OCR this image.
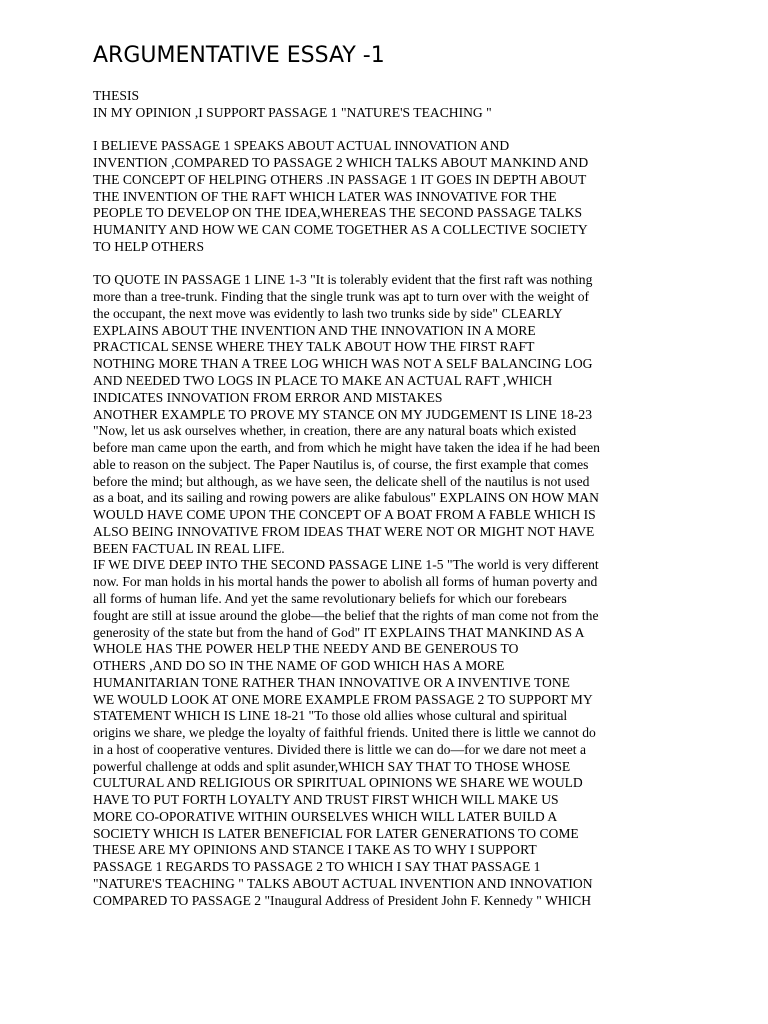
ARGUMENTATIVE ESSAY -1
THESIS
IN MY OPINION ,I SUPPORT PASSAGE 1 "NATURE'S TEACHING "
I BELIEVE PASSAGE 1 SPEAKS ABOUT ACTUAL INNOVATION AND
INVENTION ,COMPARED TO PASSAGE 2 WHICH TALKS ABOUT MANKIND AND
THE CONCEPT OF HELPING OTHERS .IN PASSAGE 1 IT GOES IN DEPTH ABOUT
THE INVENTION OF THE RAFT WHICH LATER WAS INNOVATIVE FOR THE
PEOPLE TO DEVELOP ON THE IDEA,WHEREAS THE SECOND PASSAGE TALKS
HUMANITY AND HOW WE CAN COME TOGETHER AS A COLLECTIVE SOCIETY
TO HELP OTHERS
TO QUOTE IN PASSAGE 1 LINE 1-3 "It is tolerably evident that the first raft was nothing
more than a tree-trunk. Finding that the single trunk was apt to turn over with the weight of
the occupant, the next move was evidently to lash two trunks side by side" CLEARLY
EXPLAINS ABOUT THE INVENTION AND THE INNOVATION IN A MORE
PRACTICAL SENSE WHERE THEY TALK ABOUT HOW THE FIRST RAFT
NOTHING MORE THAN A TREE LOG WHICH WAS NOT A SELF BALANCING LOG
AND NEEDED TWO LOGS IN PLACE TO MAKE AN ACTUAL RAFT ,WHICH
INDICATES INNOVATION FROM ERROR AND MISTAKES
ANOTHER EXAMPLE TO PROVE MY STANCE ON MY JUDGEMENT IS LINE 18-23
"Now, let us ask ourselves whether, in creation, there are any natural boats which existed
before man came upon the earth, and from which he might have taken the idea if he had been
able to reason on the subject. The Paper Nautilus is, of course, the first example that comes
before the mind; but although, as we have seen, the delicate shell of the nautilus is not used
as a boat, and its sailing and rowing powers are alike fabulous" EXPLAINS ON HOW MAN
WOULD HAVE COME UPON THE CONCEPT OF A BOAT FROM A FABLE WHICH IS
ALSO BEING INNOVATIVE FROM IDEAS THAT WERE NOT OR MIGHT NOT HAVE
BEEN FACTUAL IN REAL LIFE.
IF WE DIVE DEEP INTO THE SECOND PASSAGE LINE 1-5 "The world is very different
now. For man holds in his mortal hands the power to abolish all forms of human poverty and
all forms of human life. And yet the same revolutionary beliefs for which our forebears
fought are still at issue around the globe—the belief that the rights of man come not from the
generosity of the state but from the hand of God" IT EXPLAINS THAT MANKIND AS A
WHOLE HAS THE POWER HELP THE NEEDY AND BE GENEROUS TO
OTHERS ,AND DO SO IN THE NAME OF GOD WHICH HAS A MORE
HUMANITARIAN TONE RATHER THAN INNOVATIVE OR A INVENTIVE TONE
WE WOULD LOOK AT ONE MORE EXAMPLE FROM PASSAGE 2 TO SUPPORT MY
STATEMENT WHICH IS LINE 18-21 "To those old allies whose cultural and spiritual
origins we share, we pledge the loyalty of faithful friends. United there is little we cannot do
in a host of cooperative ventures. Divided there is little we can do—for we dare not meet a
powerful challenge at odds and split asunder,WHICH SAY THAT TO THOSE WHOSE
CULTURAL AND RELIGIOUS OR SPIRITUAL OPINIONS WE SHARE WE WOULD
HAVE TO PUT FORTH LOYALTY AND TRUST FIRST WHICH WILL MAKE US
MORE CO-OPORATIVE WITHIN OURSELVES WHICH WILL LATER BUILD A
SOCIETY WHICH IS LATER BENEFICIAL FOR LATER GENERATIONS TO COME
THESE ARE MY OPINIONS AND STANCE I TAKE AS TO WHY I SUPPORT
PASSAGE 1 REGARDS TO PASSAGE 2 TO WHICH I SAY THAT PASSAGE 1
"NATURE'S TEACHING " TALKS ABOUT ACTUAL INVENTION AND INNOVATION
COMPARED TO PASSAGE 2 "Inaugural Address of President John F. Kennedy " WHICH
